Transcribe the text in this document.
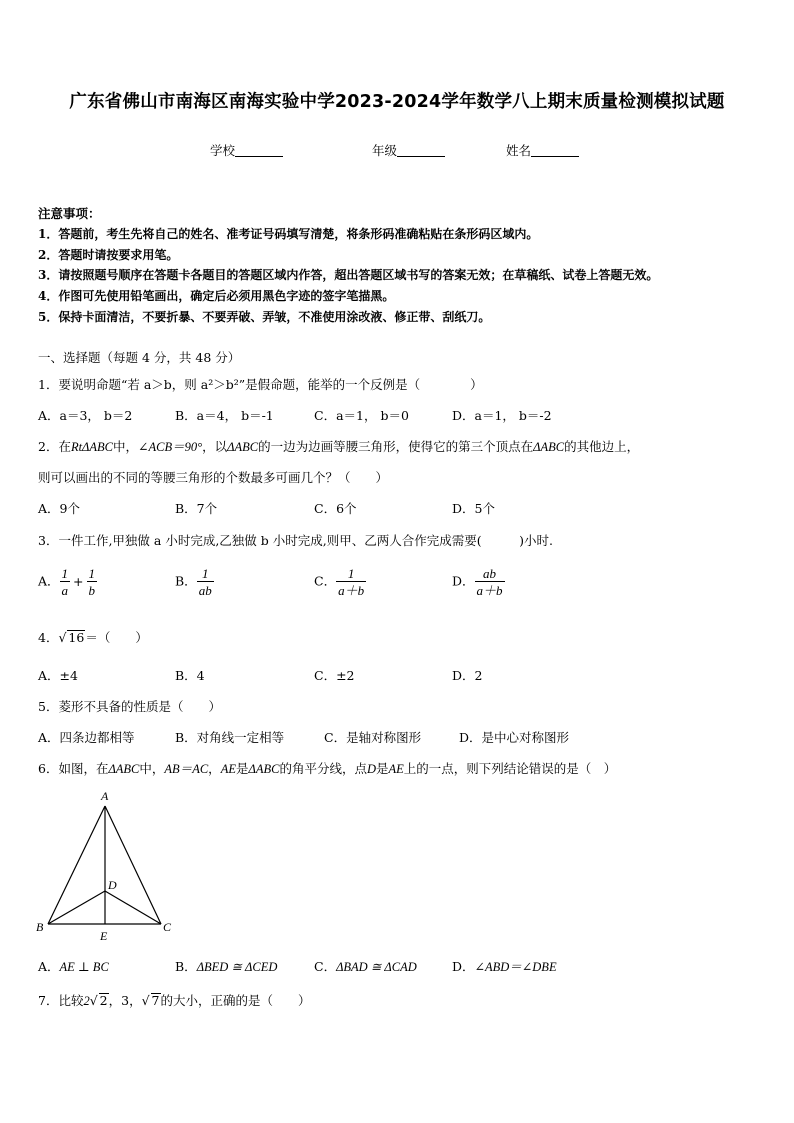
广东省佛山市南海区南海实验中学2023-2024学年数学八上期末质量检测模拟试题
学校	年级	姓名
注意事项：
1．答题前，考生先将自己的姓名、准考证号码填写清楚，将条形码准确粘贴在条形码区域内。
2．答题时请按要求用笔。
3．请按照题号顺序在答题卡各题目的答题区域内作答，超出答题区域书写的答案无效；在草稿纸、试卷上答题无效。
4．作图可先使用铅笔画出，确定后必须用黑色字迹的签字笔描黑。
5．保持卡面清洁，不要折暴、不要弄破、弄皱，不准使用涂改液、修正带、刮纸刀。
一、选择题（每题 4 分，共 48 分）
1．要说明命题“若 a＞b，则 a²＞b²”是假命题，能举的一个反例是（　　　　）
A．a＝3， b＝2	B．a＝4， b＝-1	C．a＝1， b＝0	D．a＝1， b＝-2
2．在RtΔABC中，∠ACB＝90°，以ΔABC的一边为边画等腰三角形，使得它的第三个顶点在ΔABC的其他边上，
则可以画出的不同的等腰三角形的个数最多可画几个？（　　）
A．9个	B．7个	C．6个	D．5个
3．一件工作,甲独做 a 小时完成,乙独做 b 小时完成,则甲、乙两人合作完成需要(　　　)小时.
A． $\frac{1}{a} + \frac{1}{b}$	B． $\frac{1}{ab}$	C． $\frac{1}{a+b}$	D． $\frac{ab}{a+b}$
4．√ 16＝（　　）
A．±4	B．4	C．±2	D．2
5．菱形不具备的性质是（　　）
A．四条边都相等	B．对角线一定相等	C．是轴对称图形	D．是中心对称图形
6．如图，在ΔABC中，AB＝AC，AE是ΔABC的角平分线，点D是AE上的一点，则下列结论错误的是（　）
A
B	C
D
E
A．AE ⊥ BC	B．ΔBED ≅ ΔCED	C．ΔBAD ≅ ΔCAD	D．∠ABD＝∠DBE
7．比较2√ 2，3，√ 7的大小，正确的是（　　）
